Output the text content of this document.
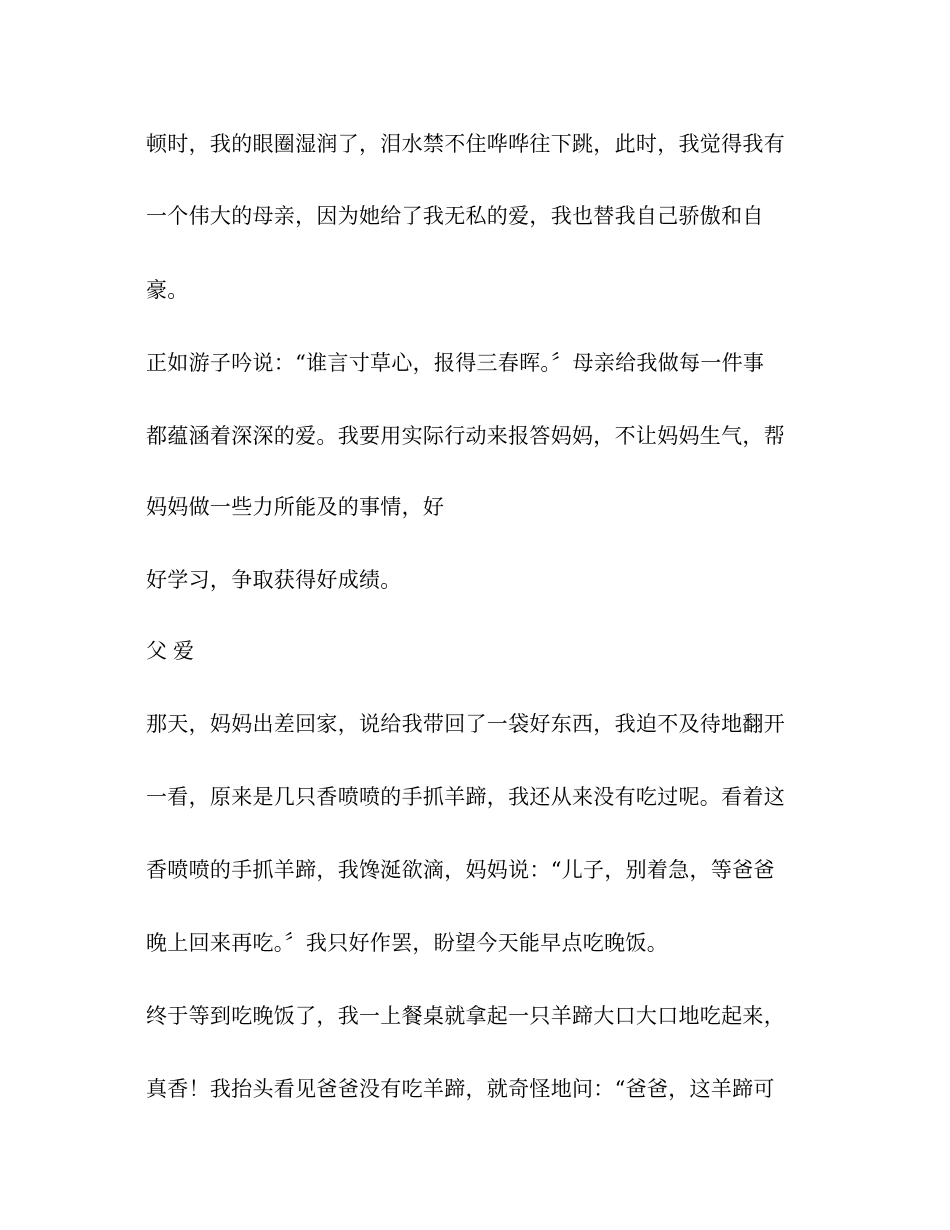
顿时，我的眼圈湿润了，泪水禁不住哗哗往下跳，此时，我觉得我有
一个伟大的母亲，因为她给了我无私的爱，我也替我自己骄傲和自
豪。
正如游子吟说：“谁言寸草心，报得三春晖。〞母亲给我做每一件事
都蕴涵着深深的爱。我要用实际行动来报答妈妈，不让妈妈生气，帮
妈妈做一些力所能及的事情，好
好学习，争取获得好成绩。
父 爱
那天，妈妈出差回家，说给我带回了一袋好东西，我迫不及待地翻开
一看，原来是几只香喷喷的手抓羊蹄，我还从来没有吃过呢。看着这
香喷喷的手抓羊蹄，我馋涎欲滴，妈妈说：“儿子，别着急，等爸爸
晚上回来再吃。〞我只好作罢，盼望今天能早点吃晚饭。
终于等到吃晚饭了，我一上餐桌就拿起一只羊蹄大口大口地吃起来，
真香！我抬头看见爸爸没有吃羊蹄，就奇怪地问：“爸爸，这羊蹄可
